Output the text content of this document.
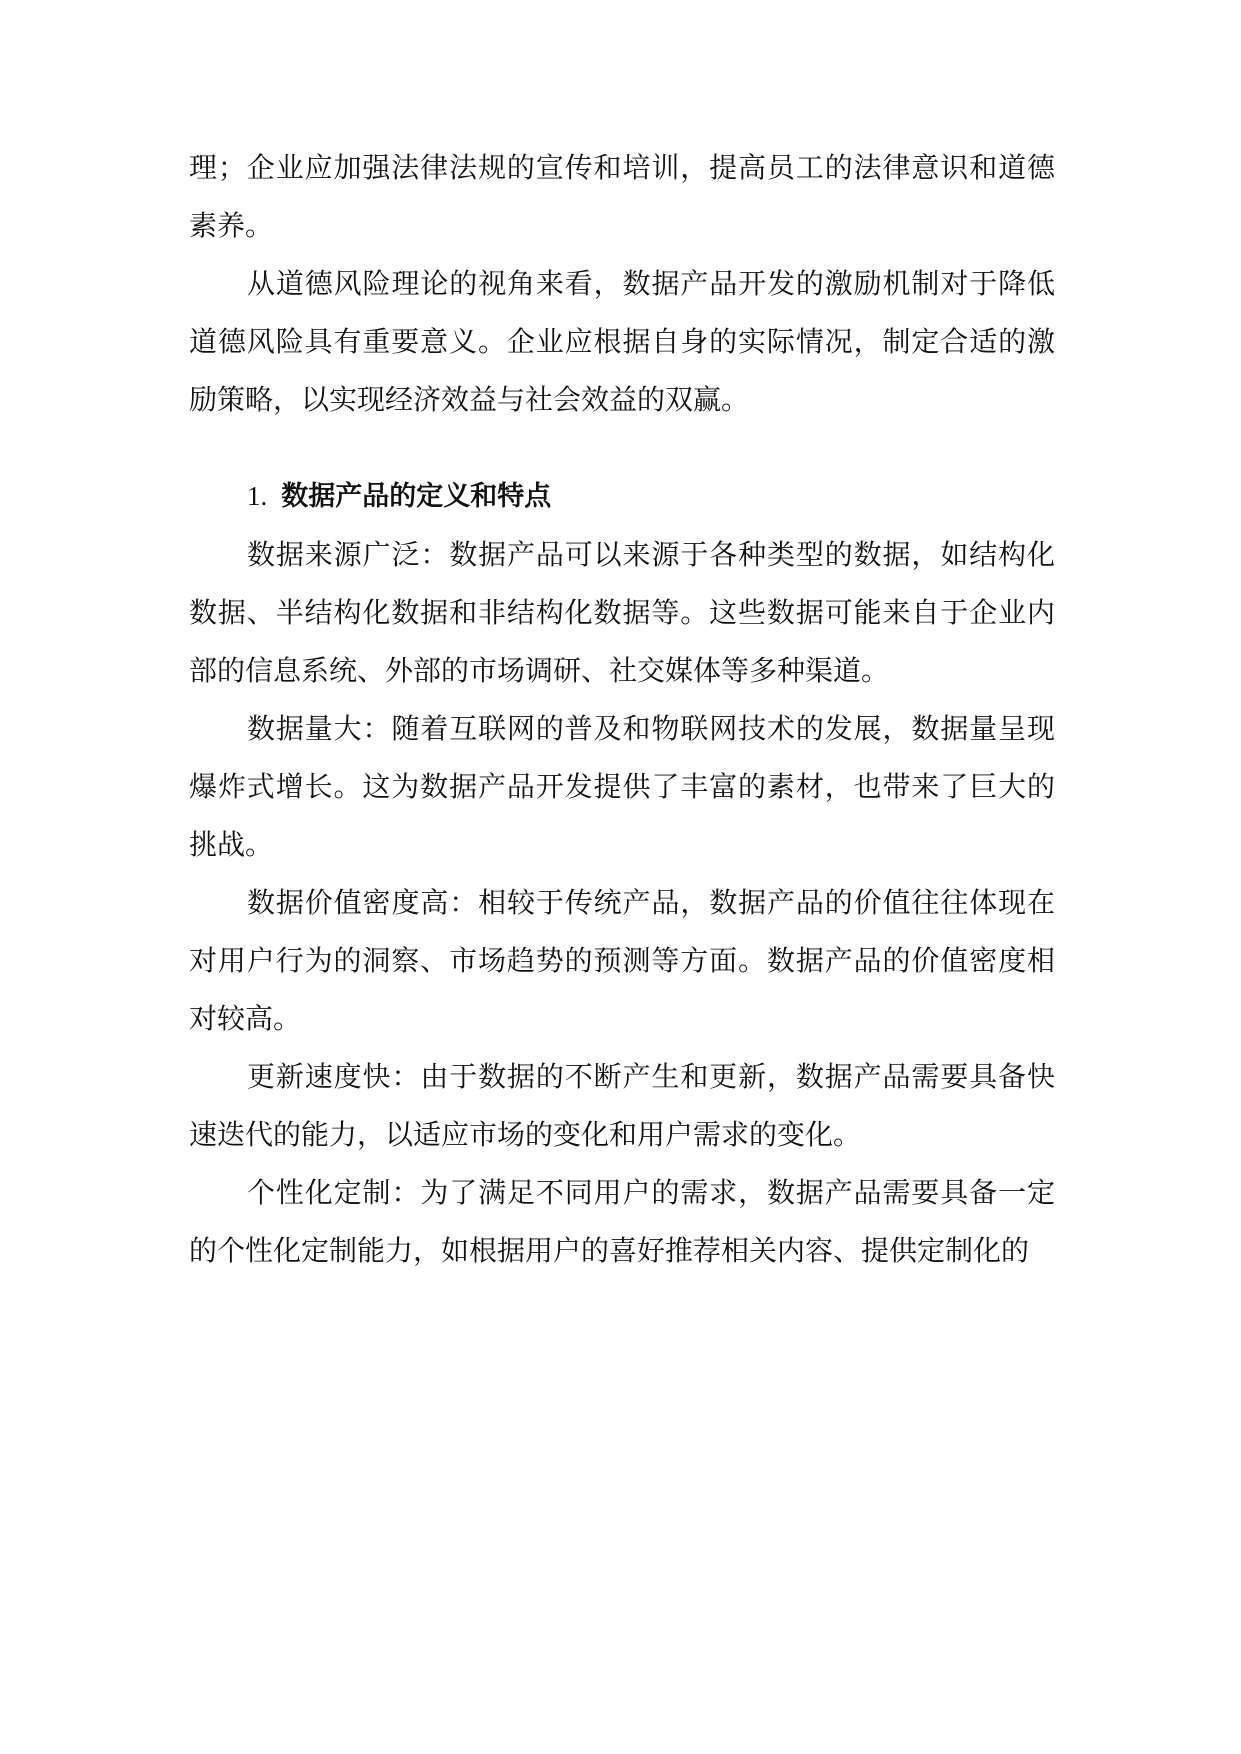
理；企业应加强法律法规的宣传和培训，提高员工的法律意识和道德素养。

从道德风险理论的视角来看，数据产品开发的激励机制对于降低道德风险具有重要意义。企业应根据自身的实际情况，制定合适的激励策略，以实现经济效益与社会效益的双赢。

1. 数据产品的定义和特点

数据来源广泛：数据产品可以来源于各种类型的数据，如结构化数据、半结构化数据和非结构化数据等。这些数据可能来自于企业内部的信息系统、外部的市场调研、社交媒体等多种渠道。

数据量大：随着互联网的普及和物联网技术的发展，数据量呈现爆炸式增长。这为数据产品开发提供了丰富的素材，也带来了巨大的挑战。

数据价值密度高：相较于传统产品，数据产品的价值往往体现在对用户行为的洞察、市场趋势的预测等方面。数据产品的价值密度相对较高。

更新速度快：由于数据的不断产生和更新，数据产品需要具备快速迭代的能力，以适应市场的变化和用户需求的变化。

个性化定制：为了满足不同用户的需求，数据产品需要具备一定的个性化定制能力，如根据用户的喜好推荐相关内容、提供定制化的
